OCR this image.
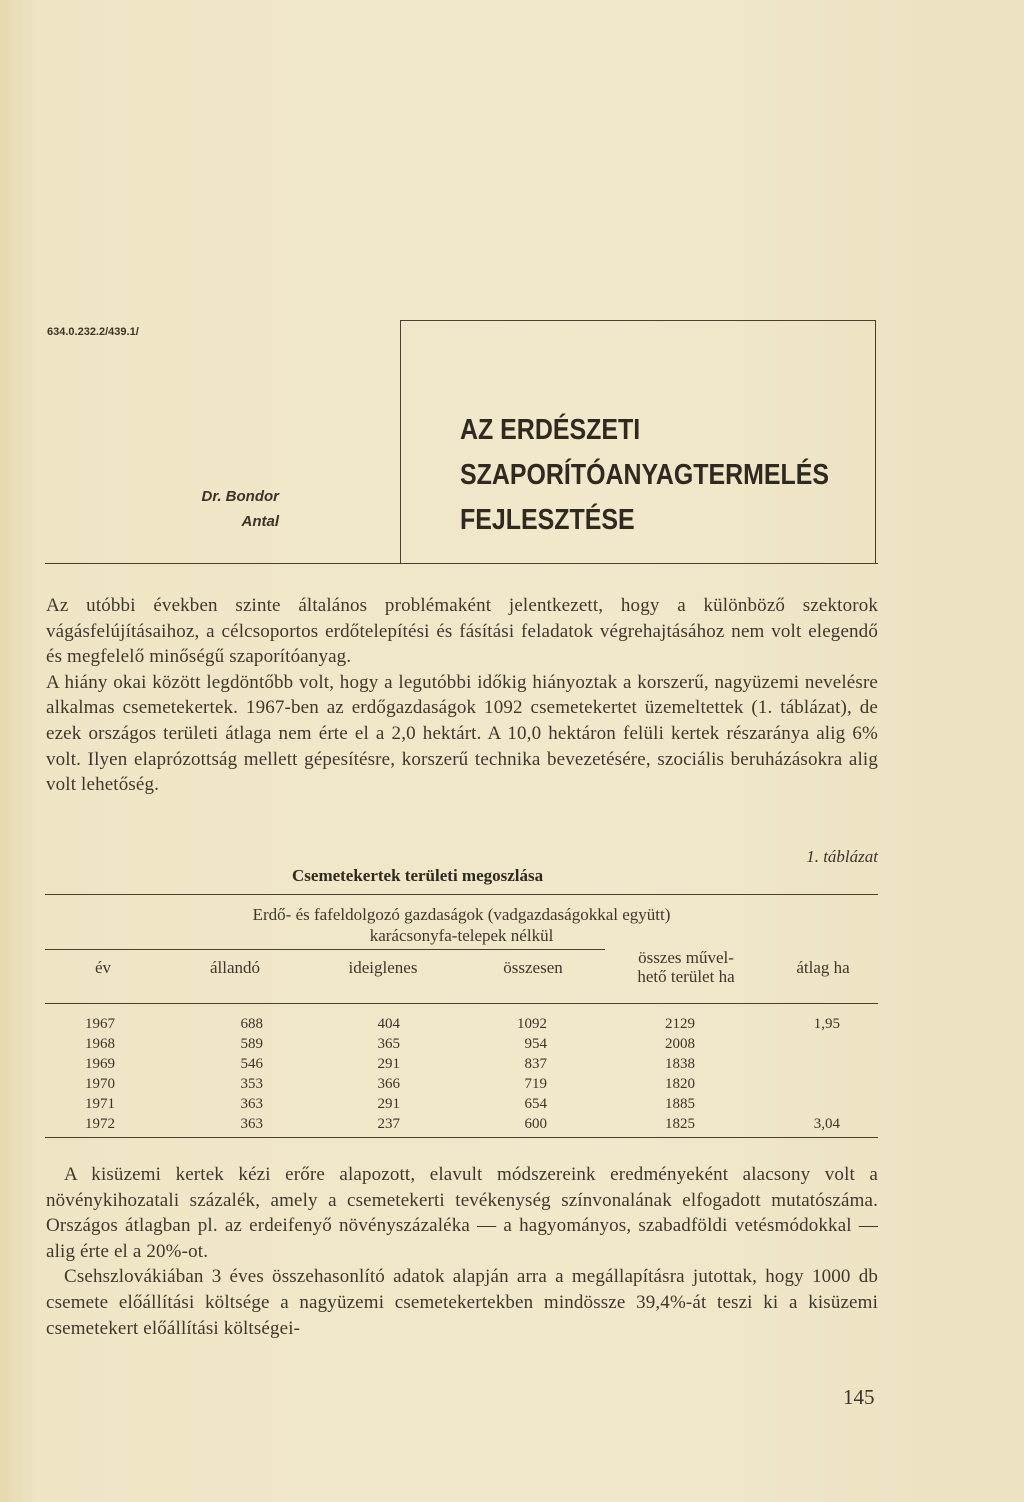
634.0.232.2/439.1/
AZ ERDÉSZETI
SZAPORÍTÓANYAGTERMELÉS
FEJLESZTÉSE
Dr. Bondor
Antal
Az utóbbi években szinte általános problémaként jelentkezett, hogy a különböző szektorok vágásfelújításaihoz, a célcsoportos erdőtelepítési és fásítási feladatok végrehajtásához nem volt elegendő és megfelelő minőségű szaporítóanyag.
A hiány okai között legdöntőbb volt, hogy a legutóbbi időkig hiányoztak a korszerű, nagyüzemi nevelésre alkalmas csemetekertek. 1967-ben az erdőgazdaságok 1092 csemetekertet üzemeltettek (1. táblázat), de ezek országos területi átlaga nem érte el a 2,0 hektárt. A 10,0 hektáron felüli kertek részaránya alig 6% volt. Ilyen elaprózottság mellett gépesítésre, korszerű technika bevezetésére, szociális beruházásokra alig volt lehetőség.
1. táblázat
Csemetekertek területi megoszlása
Erdő- és fafeldolgozó gazdaságok (vadgazdaságokkal együtt)
karácsonyfa-telepek nélkül
év	állandó	ideiglenes	összesen
összes művel-
hető terület ha	átlag ha
1967	688	404	1092	2129	1,95
1968	589	365	954	2008
1969	546	291	837	1838
1970	353	366	719	1820
1971	363	291	654	1885
1972	363	237	600	1825	3,04
A kisüzemi kertek kézi erőre alapozott, elavult módszereink eredményeként alacsony volt a növénykihozatali százalék, amely a csemetekerti tevékenység színvonalának elfogadott mutatószáma. Országos átlagban pl. az erdeifenyő növényszázaléka — a hagyományos, szabadföldi vetésmódokkal — alig érte el a 20%-ot.
Csehszlovákiában 3 éves összehasonlító adatok alapján arra a megállapításra jutottak, hogy 1000 db csemete előállítási költsége a nagyüzemi csemetekertekben mindössze 39,4%-át teszi ki a kisüzemi csemetekert előállítási költségei-
145
